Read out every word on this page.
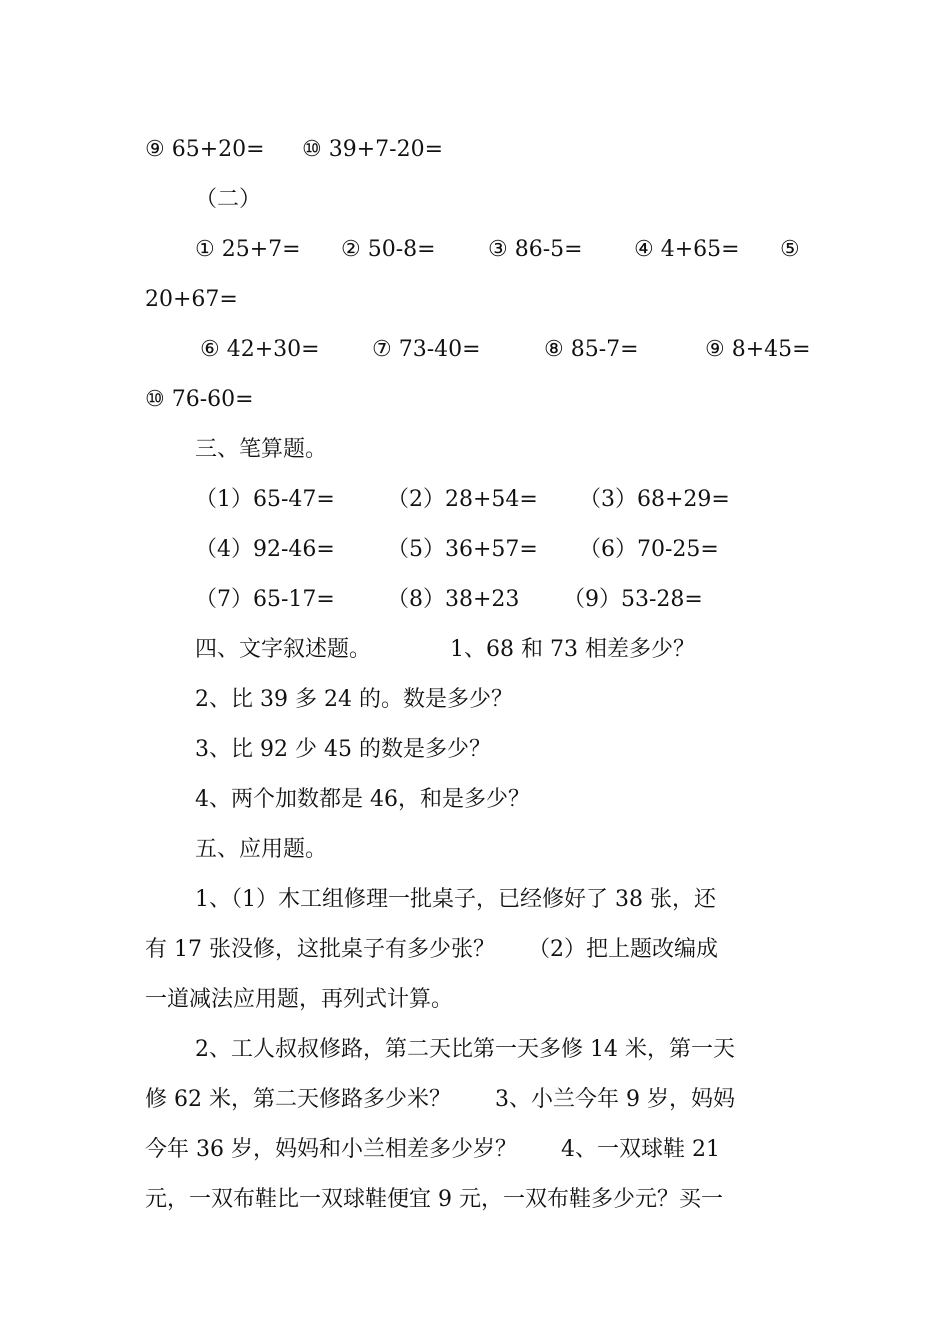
⑨ 65+20= ⑩ 39+7-20=
（二）
① 25+7= ② 50-8= ③ 86-5= ④ 4+65= ⑤
20+67=
⑥ 42+30= ⑦ 73-40=	⑧ 85-7=	⑨ 8+45=
⑩ 76-60=
三、笔算题。
（1）65-47= （2）28+54= （3）68+29=
（4）92-46= （5）36+57= （6）70-25=
（7）65-17= （8）38+23 （9）53-28=
四、文字叙述题。	1、68 和 73 相差多少？
2、比 39 多 24 的。数是多少？
3、比 92 少 45 的数是多少？
4、两个加数都是 46，和是多少？
五、应用题。
1、（1）木工组修理一批桌子，已经修好了 38 张，还
有 17 张没修，这批桌子有多少张？　　（2）把上题改编成
一道减法应用题，再列式计算。
2、工人叔叔修路，第二天比第一天多修 14 米，第一天
修 62 米，第二天修路多少米？　　3、小兰今年 9 岁，妈妈
今年 36 岁，妈妈和小兰相差多少岁？　　4、一双球鞋 21
元，一双布鞋比一双球鞋便宜 9 元，一双布鞋多少元？买一
